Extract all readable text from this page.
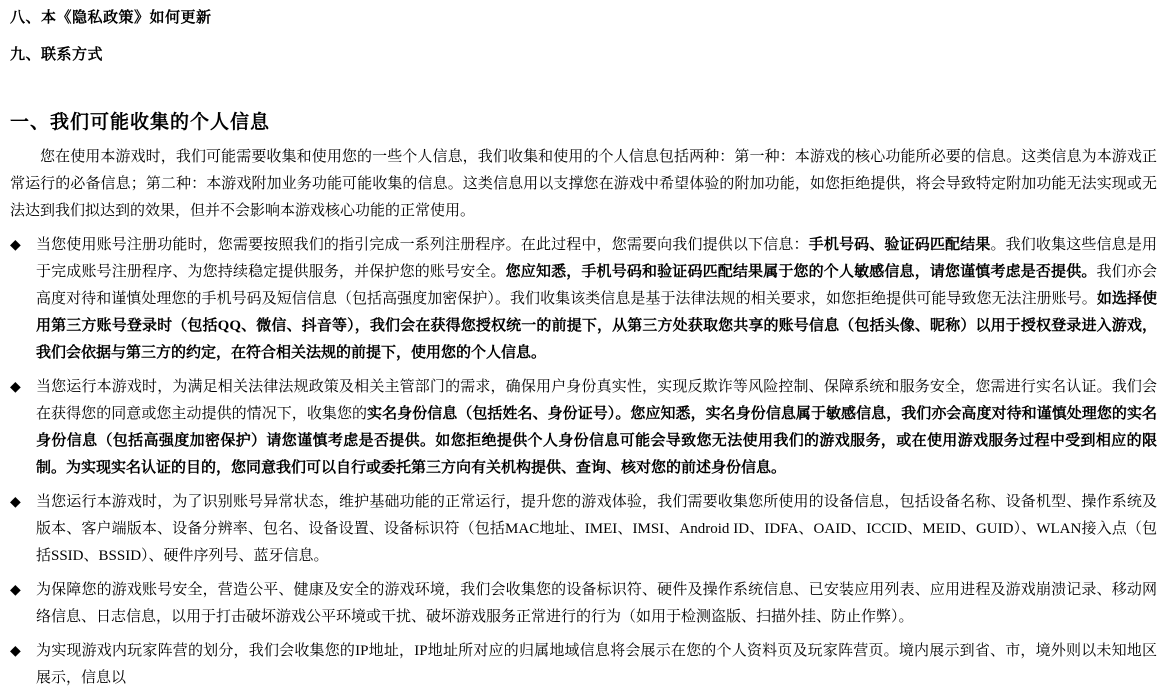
八、本《隐私政策》如何更新
九、联系方式
一、我们可能收集的个人信息

您在使用本游戏时，我们可能需要收集和使用您的一些个人信息，我们收集和使用的个人信息包括两种：第一种：本游戏的核心功能所必要的信息。这类信息为本游戏正常运行的必备信息；第二种：本游戏附加业务功能可能收集的信息。这类信息用以支撑您在游戏中希望体验的附加功能，如您拒绝提供，将会导致特定附加功能无法实现或无法达到我们拟达到的效果，但并不会影响本游戏核心功能的正常使用。

◆	当您使用账号注册功能时，您需要按照我们的指引完成一系列注册程序。在此过程中，您需要向我们提供以下信息：手机号码、验证码匹配结果。我们收集这些信息是用于完成账号注册程序、为您持续稳定提供服务，并保护您的账号安全。您应知悉，手机号码和验证码匹配结果属于您的个人敏感信息，请您谨慎考虑是否提供。我们亦会高度对待和谨慎处理您的手机号码及短信信息（包括高强度加密保护）。我们收集该类信息是基于法律法规的相关要求，如您拒绝提供可能导致您无法注册账号。如选择使用第三方账号登录时（包括QQ、微信、抖音等），我们会在获得您授权统一的前提下，从第三方处获取您共享的账号信息（包括头像、昵称）以用于授权登录进入游戏，我们会依据与第三方的约定，在符合相关法规的前提下，使用您的个人信息。

◆	当您运行本游戏时，为满足相关法律法规政策及相关主管部门的需求，确保用户身份真实性，实现反欺诈等风险控制、保障系统和服务安全，您需进行实名认证。我们会在获得您的同意或您主动提供的情况下，收集您的实名身份信息（包括姓名、身份证号）。您应知悉，实名身份信息属于敏感信息，我们亦会高度对待和谨慎处理您的实名身份信息（包括高强度加密保护）请您谨慎考虑是否提供。如您拒绝提供个人身份信息可能会导致您无法使用我们的游戏服务，或在使用游戏服务过程中受到相应的限制。为实现实名认证的目的，您同意我们可以自行或委托第三方向有关机构提供、查询、核对您的前述身份信息。

◆	当您运行本游戏时，为了识别账号异常状态，维护基础功能的正常运行，提升您的游戏体验，我们需要收集您所使用的设备信息，包括设备名称、设备机型、操作系统及版本、客户端版本、设备分辨率、包名、设备设置、设备标识符（包括MAC地址、IMEI、IMSI、Android ID、IDFA、OAID、ICCID、MEID、GUID）、WLAN接入点（包括SSID、BSSID）、硬件序列号、蓝牙信息。

◆	为保障您的游戏账号安全，营造公平、健康及安全的游戏环境，我们会收集您的设备标识符、硬件及操作系统信息、已安装应用列表、应用进程及游戏崩溃记录、移动网络信息、日志信息，以用于打击破坏游戏公平环境或干扰、破坏游戏服务正常进行的行为（如用于检测盗版、扫描外挂、防止作弊）。

◆	为实现游戏内玩家阵营的划分，我们会收集您的IP地址，IP地址所对应的归属地域信息将会展示在您的个人资料页及玩家阵营页。境内展示到省、市，境外则以未知地区展示，信息以
